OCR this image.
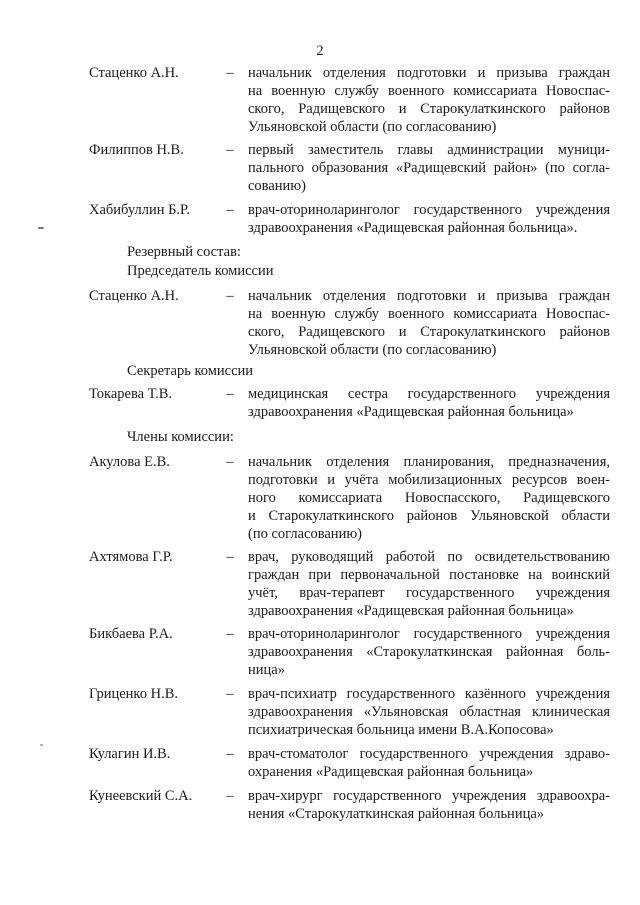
2
Стаценко А.Н.	– начальник отделения подготовки и призыва граждан
на военную службу военного комиссариата Новоспас-
ского, Радищевского и Старокулаткинского районов
Ульяновской области (по согласованию)
Филиппов Н.В.	– первый заместитель главы администрации муници-
пального образования «Радищевский район» (по согла-
сованию)
Хабибуллин Б.Р.	– врач-оториноларинголог государственного учреждения
здравоохранения «Радищевская районная больница».
Резервный состав:
Председатель комиссии
Стаценко А.Н.	– начальник отделения подготовки и призыва граждан
на военную службу военного комиссариата Новоспас-
ского, Радищевского и Старокулаткинского районов
Ульяновской области (по согласованию)
Секретарь комиссии
Токарева Т.В.	– медицинская сестра государственного учреждения
здравоохранения «Радищевская районная больница»
Члены комиссии:
Акулова Е.В.	– начальник отделения планирования, предназначения,
подготовки и учёта мобилизационных ресурсов воен-
ного комиссариата Новоспасского, Радищевского
и Старокулаткинского районов Ульяновской области
(по согласованию)
Ахтямова Г.Р.	– врач, руководящий работой по освидетельствованию
граждан при первоначальной постановке на воинский
учёт, врач-терапевт государственного учреждения
здравоохранения «Радищевская районная больница»
Бикбаева Р.А.	– врач-оториноларинголог государственного учреждения
здравоохранения «Старокулаткинская районная боль-
ница»
Гриценко Н.В.	– врач-психиатр государственного казённого учреждения
здравоохранения «Ульяновская областная клиническая
психиатрическая больница имени В.А.Копосова»
Кулагин И.В.	– врач-стоматолог государственного учреждения здраво-
охранения «Радищевская районная больница»
Кунеевский С.А.	– врач-хирург государственного учреждения здравоохра-
нения «Старокулаткинская районная больница»
